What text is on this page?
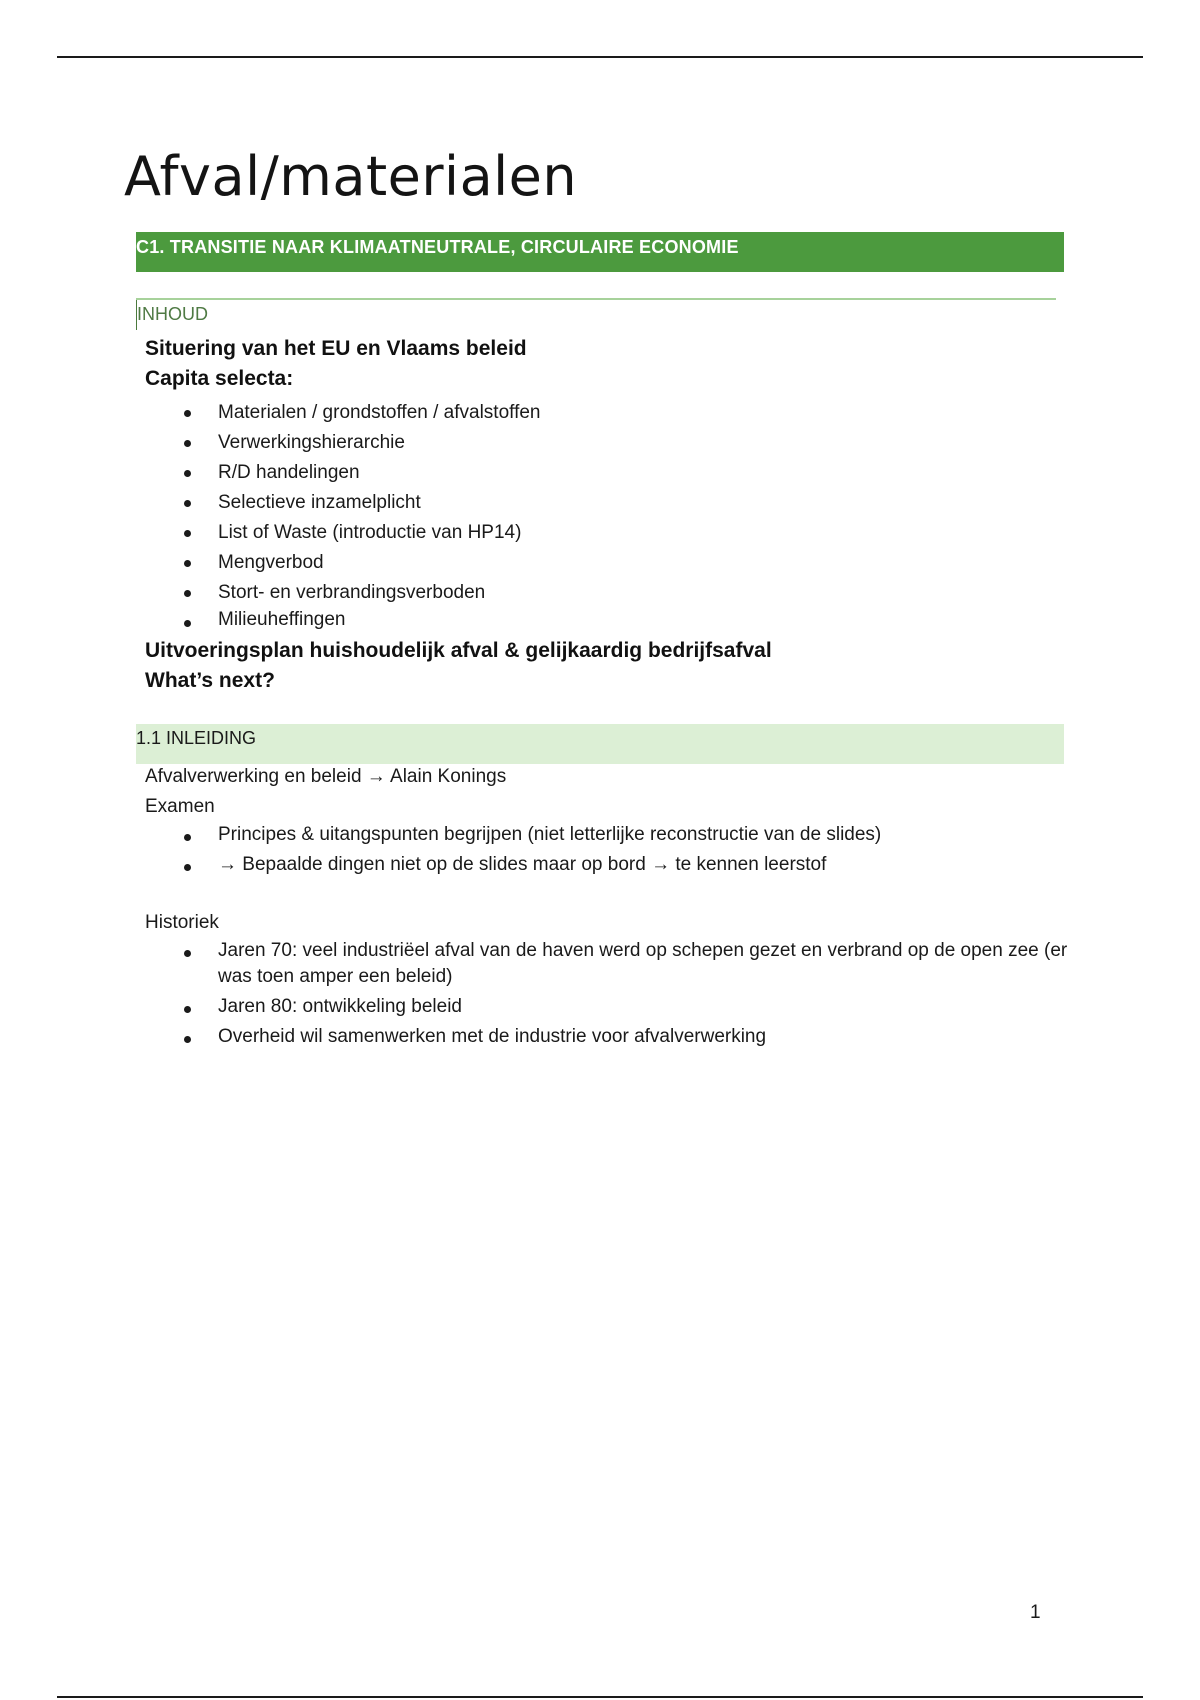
Afval/materialen
C1. TRANSITIE NAAR KLIMAATNEUTRALE, CIRCULAIRE ECONOMIE
INHOUD
Situering van het EU en Vlaams beleid
Capita selecta:
Materialen / grondstoffen / afvalstoffen
Verwerkingshierarchie
R/D handelingen
Selectieve inzamelplicht
List of Waste (introductie van HP14)
Mengverbod
Stort- en verbrandingsverboden
Milieuheffingen
Uitvoeringsplan huishoudelijk afval & gelijkaardig bedrijfsafval
What’s next?
1.1 INLEIDING
Afvalverwerking en beleid → Alain Konings
Examen
Principes & uitangspunten begrijpen (niet letterlijke reconstructie van de slides)
→ Bepaalde dingen niet op de slides maar op bord → te kennen leerstof
Historiek
Jaren 70: veel industriëel afval van de haven werd op schepen gezet en verbrand op de open zee (er was toen amper een beleid)
Jaren 80: ontwikkeling beleid
Overheid wil samenwerken met de industrie voor afvalverwerking
1
